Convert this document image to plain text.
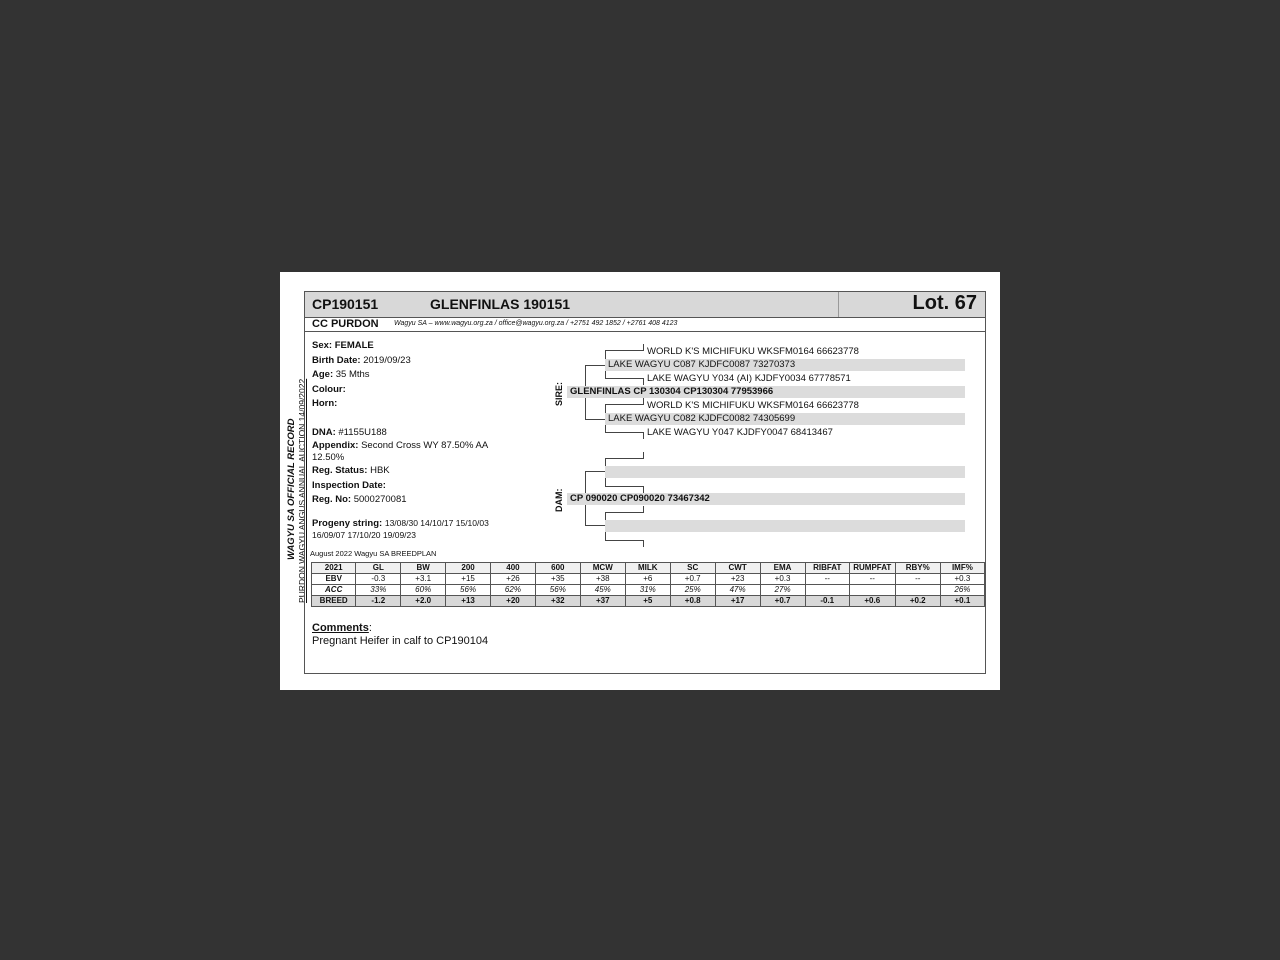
WAGYU SA OFFICIAL RECORD PURDON WAGYU ANGUS ANNUAL AUCTION 14/09/2022
CP190151	GLENFINLAS 190151	Lot. 67
CC PURDON Wagyu SA – www.wagyu.org.za / office@wagyu.org.za / +2751 492 1852 / +2761 408 4123
Sex: FEMALE
Birth Date: 2019/09/23
Age: 35 Mths
Colour:
Horn:
DNA: #1155U188
Appendix: Second Cross WY 87.50% AA
12.50%
Reg. Status: HBK
Inspection Date:
Reg. No: 5000270081
Progeny string: 13/08/30 14/10/17 15/10/03
16/09/07 17/10/20 19/09/23
SIRE:
DAM:
WORLD K'S MICHIFUKU WKSFM0164 66623778
LAKE WAGYU C087 KJDFC0087 73270373
LAKE WAGYU Y034 (AI) KJDFY0034 67778571
GLENFINLAS CP 130304 CP130304 77953966
WORLD K'S MICHIFUKU WKSFM0164 66623778
LAKE WAGYU C082 KJDFC0082 74305699
LAKE WAGYU Y047 KJDFY0047 68413467
CP 090020 CP090020 73467342
August 2022 Wagyu SA BREEDPLAN
2021	GL	BW	200	400	600	MCW	MILK	SC	CWT	EMA	RIBFAT	RUMPFAT	RBY%	IMF%
EBV	-0.3	+3.1	+15	+26	+35	+38	+6	+0.7	+23	+0.3	--	--	--	+0.3
ACC	33%	60%	56%	62%	56%	45%	31%	25%	47%	27%				26%
BREED	-1.2	+2.0	+13	+20	+32	+37	+5	+0.8	+17	+0.7	-0.1	+0.6	+0.2	+0.1
Comments:
Pregnant Heifer in calf to CP190104
